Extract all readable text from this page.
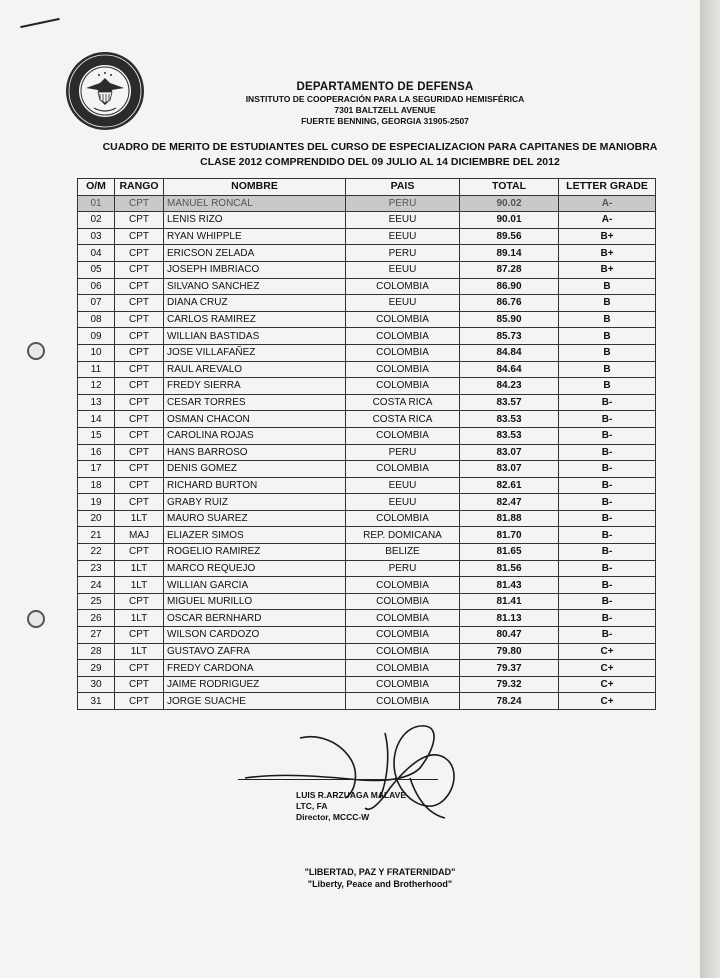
DEPARTAMENTO DE DEFENSA
INSTITUTO DE COOPERACIÓN PARA LA SEGURIDAD HEMISFÉRICA
7301 BALTZELL AVENUE
FUERTE BENNING, GEORGIA 31905-2507
CUADRO DE MERITO DE ESTUDIANTES DEL CURSO DE ESPECIALIZACION PARA CAPITANES DE MANIOBRA
CLASE 2012 COMPRENDIDO DEL 09 JULIO AL 14 DICIEMBRE DEL 2012
O/M	RANGO	NOMBRE	PAIS	TOTAL	LETTER GRADE
01	CPT	MANUEL RONCAL	PERU	90.02	A-
02	CPT	LENIS RIZO	EEUU	90.01	A-
03	CPT	RYAN WHIPPLE	EEUU	89.56	B+
04	CPT	ERICSON ZELADA	PERU	89.14	B+
05	CPT	JOSEPH IMBRIACO	EEUU	87.28	B+
06	CPT	SILVANO SANCHEZ	COLOMBIA	86.90	B
07	CPT	DIANA CRUZ	EEUU	86.76	B
08	CPT	CARLOS RAMIREZ	COLOMBIA	85.90	B
09	CPT	WILLIAN BASTIDAS	COLOMBIA	85.73	B
10	CPT	JOSE VILLAFAÑEZ	COLOMBIA	84.84	B
11	CPT	RAUL AREVALO	COLOMBIA	84.64	B
12	CPT	FREDY SIERRA	COLOMBIA	84.23	B
13	CPT	CESAR TORRES	COSTA RICA	83.57	B-
14	CPT	OSMAN CHACON	COSTA RICA	83.53	B-
15	CPT	CAROLINA ROJAS	COLOMBIA	83.53	B-
16	CPT	HANS BARROSO	PERU	83.07	B-
17	CPT	DENIS GOMEZ	COLOMBIA	83.07	B-
18	CPT	RICHARD BURTON	EEUU	82.61	B-
19	CPT	GRABY RUIZ	EEUU	82.47	B-
20	1LT	MAURO SUAREZ	COLOMBIA	81.88	B-
21	MAJ	ELIAZER SIMOS	REP. DOMICANA	81.70	B-
22	CPT	ROGELIO RAMIREZ	BELIZE	81.65	B-
23	1LT	MARCO REQUEJO	PERU	81.56	B-
24	1LT	WILLIAN GARCIA	COLOMBIA	81.43	B-
25	CPT	MIGUEL MURILLO	COLOMBIA	81.41	B-
26	1LT	OSCAR BERNHARD	COLOMBIA	81.13	B-
27	CPT	WILSON CARDOZO	COLOMBIA	80.47	B-
28	1LT	GUSTAVO ZAFRA	COLOMBIA	79.80	C+
29	CPT	FREDY CARDONA	COLOMBIA	79.37	C+
30	CPT	JAIME RODRIGUEZ	COLOMBIA	79.32	C+
31	CPT	JORGE SUACHE	COLOMBIA	78.24	C+
LUIS R.ARZUAGA MALAVE
LTC, FA
Director, MCCC-W
"LIBERTAD, PAZ Y FRATERNIDAD"
"Liberty, Peace and Brotherhood"
